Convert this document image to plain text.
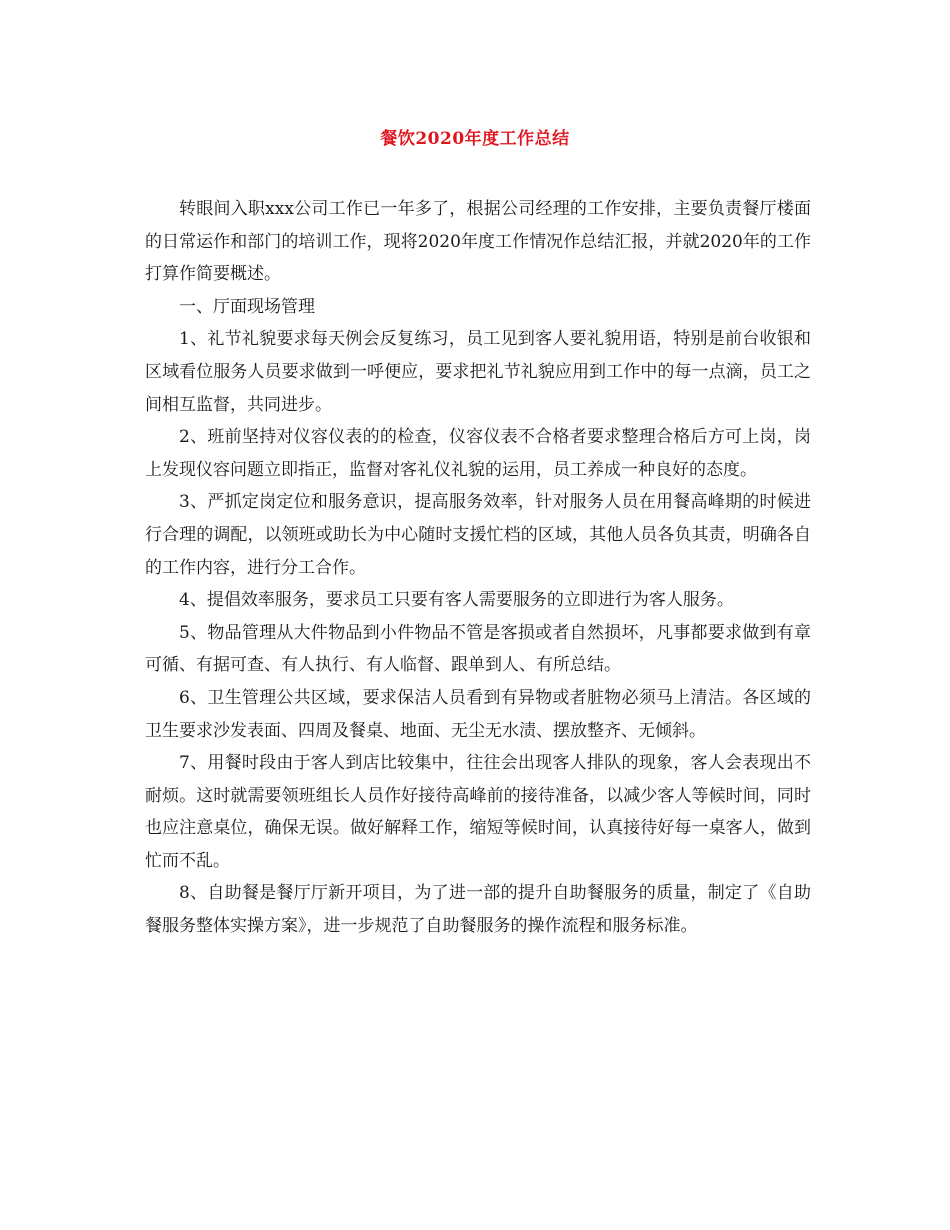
餐饮2020年度工作总结

转眼间入职xxx公司工作已一年多了，根据公司经理的工作安排，主要负责餐厅楼面的日常运作和部门的培训工作，现将2020年度工作情况作总结汇报，并就2020年的工作打算作简要概述。

一、厅面现场管理

1、礼节礼貌要求每天例会反复练习，员工见到客人要礼貌用语，特别是前台收银和区域看位服务人员要求做到一呼便应，要求把礼节礼貌应用到工作中的每一点滴，员工之间相互监督，共同进步。

2、班前坚持对仪容仪表的的检查，仪容仪表不合格者要求整理合格后方可上岗，岗上发现仪容问题立即指正，监督对客礼仪礼貌的运用，员工养成一种良好的态度。

3、严抓定岗定位和服务意识，提高服务效率，针对服务人员在用餐高峰期的时候进行合理的调配，以领班或助长为中心随时支援忙档的区域，其他人员各负其责，明确各自的工作内容，进行分工合作。

4、提倡效率服务，要求员工只要有客人需要服务的立即进行为客人服务。

5、物品管理从大件物品到小件物品不管是客损或者自然损坏，凡事都要求做到有章可循、有据可查、有人执行、有人临督、跟单到人、有所总结。

6、卫生管理公共区域，要求保洁人员看到有异物或者脏物必须马上清洁。各区域的卫生要求沙发表面、四周及餐桌、地面、无尘无水渍、摆放整齐、无倾斜。

7、用餐时段由于客人到店比较集中，往往会出现客人排队的现象，客人会表现出不耐烦。这时就需要领班组长人员作好接待高峰前的接待准备，以减少客人等候时间，同时也应注意桌位，确保无误。做好解释工作，缩短等候时间，认真接待好每一桌客人，做到忙而不乱。

8、自助餐是餐厅厅新开项目，为了进一部的提升自助餐服务的质量，制定了《自助餐服务整体实操方案》，进一步规范了自助餐服务的操作流程和服务标准。
